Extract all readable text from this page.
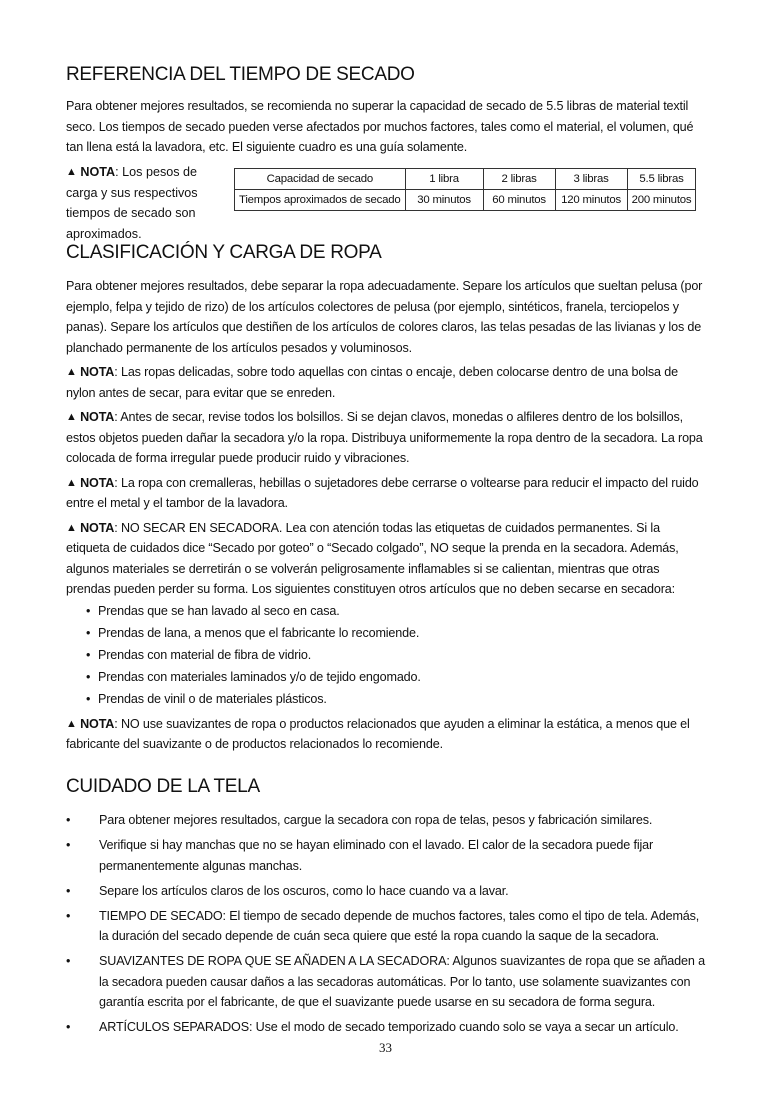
REFERENCIA DEL TIEMPO DE SECADO

Para obtener mejores resultados, se recomienda no superar la capacidad de secado de 5.5 libras de material textil seco. Los tiempos de secado pueden verse afectados por muchos factores, tales como el material, el volumen, qué tan llena está la lavadora, etc. El siguiente cuadro es una guía solamente.

▲ NOTA: Los pesos de carga y sus respectivos tiempos de secado son aproximados.
Capacidad de secado	1 libra	2 libras	3 libras	5.5 libras
Tiempos aproximados de secado	30 minutos	60 minutos	120 minutos	200 minutos
CLASIFICACIÓN Y CARGA DE ROPA

Para obtener mejores resultados, debe separar la ropa adecuadamente. Separe los artículos que sueltan pelusa (por ejemplo, felpa y tejido de rizo) de los artículos colectores de pelusa (por ejemplo, sintéticos, franela, terciopelos y panas). Separe los artículos que destiñen de los artículos de colores claros, las telas pesadas de las livianas y los de planchado permanente de los artículos pesados y voluminosos.

▲ NOTA: Las ropas delicadas, sobre todo aquellas con cintas o encaje, deben colocarse dentro de una bolsa de nylon antes de secar, para evitar que se enreden.

▲ NOTA: Antes de secar, revise todos los bolsillos. Si se dejan clavos, monedas o alfileres dentro de los bolsillos, estos objetos pueden dañar la secadora y/o la ropa. Distribuya uniformemente la ropa dentro de la secadora. La ropa colocada de forma irregular puede producir ruido y vibraciones.

▲ NOTA: La ropa con cremalleras, hebillas o sujetadores debe cerrarse o voltearse para reducir el impacto del ruido entre el metal y el tambor de la lavadora.

▲ NOTA: NO SECAR EN SECADORA. Lea con atención todas las etiquetas de cuidados permanentes. Si la etiqueta de cuidados dice “Secado por goteo” o “Secado colgado”, NO seque la prenda en la secadora. Además, algunos materiales se derretirán o se volverán peligrosamente inflamables si se calientan, mientras que otras prendas pueden perder su forma. Los siguientes constituyen otros artículos que no deben secarse en secadora:

• Prendas que se han lavado al seco en casa.
• Prendas de lana, a menos que el fabricante lo recomiende.
• Prendas con material de fibra de vidrio.
• Prendas con materiales laminados y/o de tejido engomado.
• Prendas de vinil o de materiales plásticos.

▲ NOTA: NO use suavizantes de ropa o productos relacionados que ayuden a eliminar la estática, a menos que el fabricante del suavizante o de productos relacionados lo recomiende.

CUIDADO DE LA TELA
• Para obtener mejores resultados, cargue la secadora con ropa de telas, pesos y fabricación similares.
• Verifique si hay manchas que no se hayan eliminado con el lavado. El calor de la secadora puede fijar permanentemente algunas manchas.
• Separe los artículos claros de los oscuros, como lo hace cuando va a lavar.
• TIEMPO DE SECADO: El tiempo de secado depende de muchos factores, tales como el tipo de tela. Además, la duración del secado depende de cuán seca quiere que esté la ropa cuando la saque de la secadora.
• SUAVIZANTES DE ROPA QUE SE AÑADEN A LA SECADORA: Algunos suavizantes de ropa que se añaden a la secadora pueden causar daños a las secadoras automáticas. Por lo tanto, use solamente suavizantes con garantía escrita por el fabricante, de que el suavizante puede usarse en su secadora de forma segura.
• ARTÍCULOS SEPARADOS: Use el modo de secado temporizado cuando solo se vaya a secar un artículo.
33
